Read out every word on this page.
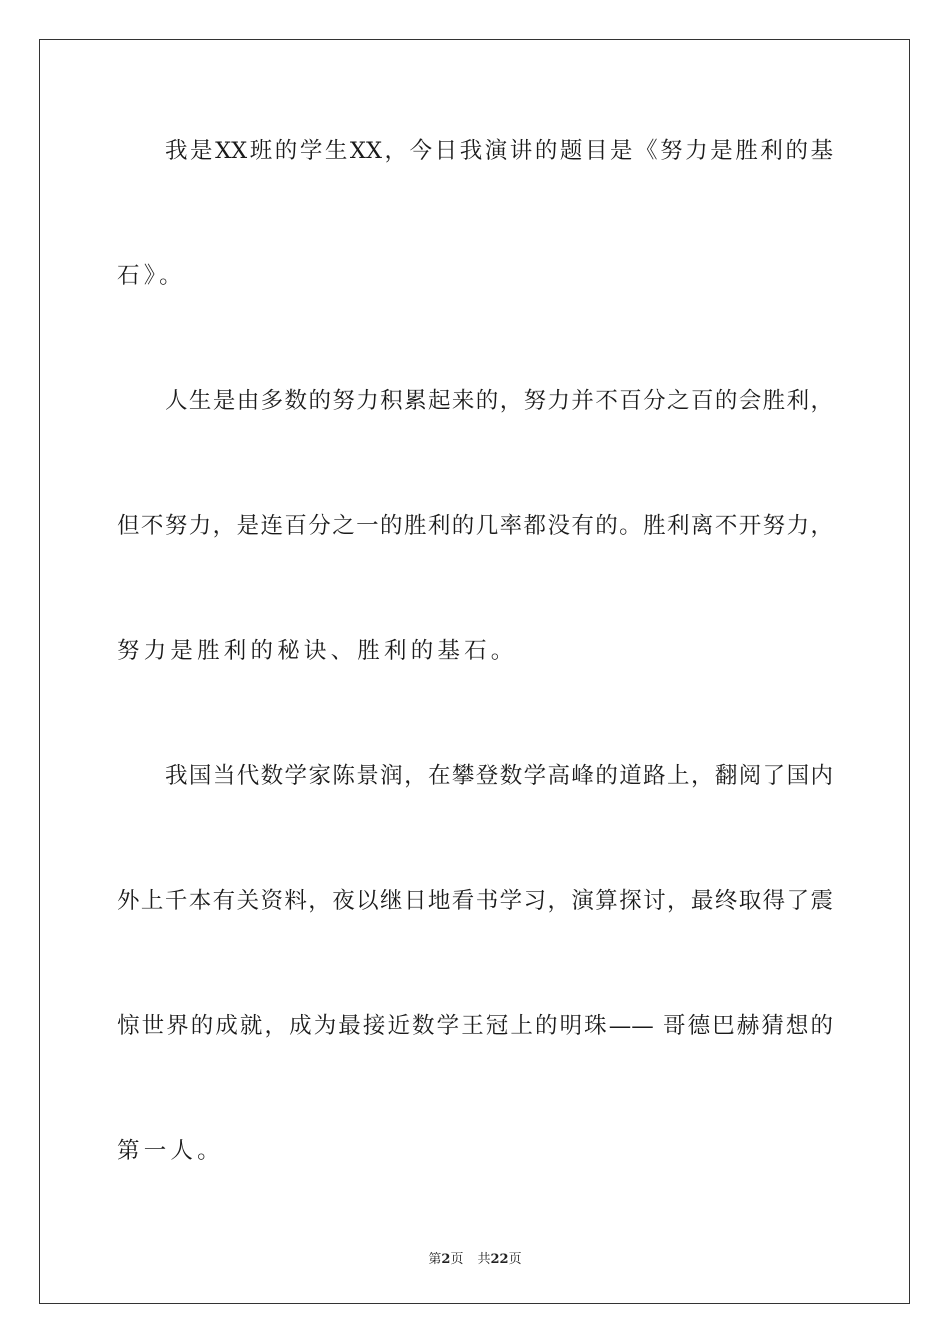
我是XX班的学生XX，今日我演讲的题目是《努力是胜利的基
石》。
人生是由多数的努力积累起来的，努力并不百分之百的会胜利，
但不努力，是连百分之一的胜利的几率都没有的。胜利离不开努力，
努力是胜利的秘诀、胜利的基石。
我国当代数学家陈景润，在攀登数学高峰的道路上，翻阅了国内
外上千本有关资料，夜以继日地看书学习，演算探讨，最终取得了震
惊世界的成就，成为最接近数学王冠上的明珠—— 哥德巴赫猜想的
第一人。
第2页 共22页
